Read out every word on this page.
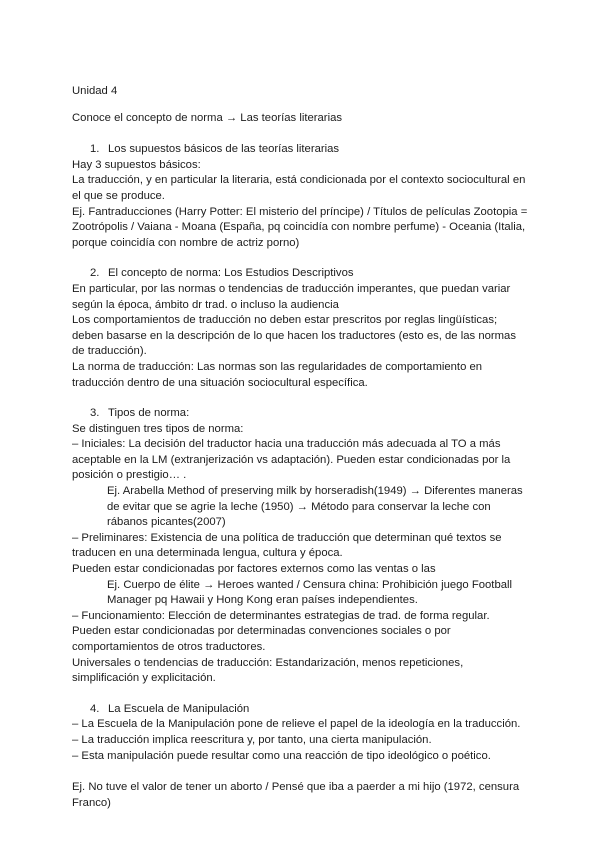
Unidad 4

Conoce el concepto de norma → Las teorías literarias

1. Los supuestos básicos de las teorías literarias

Hay 3 supuestos básicos:

La traducción, y en particular la literaria, está condicionada por el contexto sociocultural en el que se produce.

Ej. Fantraducciones (Harry Potter: El misterio del príncipe) / Títulos de películas Zootopia = Zootrópolis / Vaiana - Moana (España, pq coincidía con nombre perfume) - Oceania (Italia, porque coincidía con nombre de actriz porno)

2. El concepto de norma: Los Estudios Descriptivos

En particular, por las normas o tendencias de traducción imperantes, que puedan variar según la época, ámbito dr trad. o incluso la audiencia

Los comportamientos de traducción no deben estar prescritos por reglas lingüísticas; deben basarse en la descripción de lo que hacen los traductores (esto es, de las normas de traducción).

La norma de traducción: Las normas son las regularidades de comportamiento en traducción dentro de una situación sociocultural específica.

3. Tipos de norma:

Se distinguen tres tipos de norma:

– Iniciales: La decisión del traductor hacia una traducción más adecuada al TO a más aceptable en la LM (extranjerización vs adaptación). Pueden estar condicionadas por la posición o prestigio… .

Ej. Arabella Method of preserving milk by horseradish(1949) → Diferentes maneras de evitar que se agrie la leche (1950) → Método para conservar la leche con rábanos picantes(2007)

– Preliminares: Existencia de una política de traducción que determinan qué textos se traducen en una determinada lengua, cultura y época.

Pueden estar condicionadas por factores externos como las ventas o las

Ej. Cuerpo de élite → Heroes wanted / Censura china: Prohibición juego Football Manager pq Hawaii y Hong Kong eran países independientes.

– Funcionamiento: Elección de determinantes estrategias de trad. de forma regular.

Pueden estar condicionadas por determinadas convenciones sociales o por comportamientos de otros traductores.

Universales o tendencias de traducción: Estandarización, menos repeticiones, simplificación y explicitación.

4. La Escuela de Manipulación

– La Escuela de la Manipulación pone de relieve el papel de la ideología en la traducción.

– La traducción implica reescritura y, por tanto, una cierta manipulación.

– Esta manipulación puede resultar como una reacción de tipo ideológico o poético.

Ej. No tuve el valor de tener un aborto / Pensé que iba a paerder a mi hijo (1972, censura Franco)
